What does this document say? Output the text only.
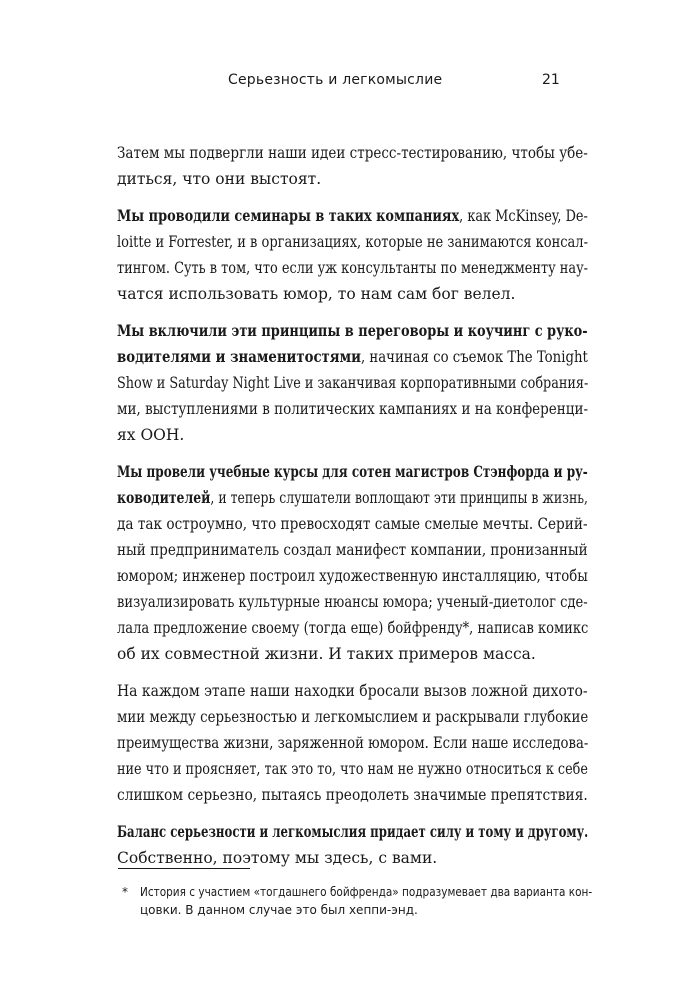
Серьезность и легкомыслие	21
Затем мы подвергли наши идеи стресс-тестированию, чтобы убе-
диться, что они выстоят.
Мы проводили семинары в таких компаниях, как McKinsey, De-
loitte и Forrester, и в организациях, которые не занимаются консал-
тингом. Суть в том, что если уж консультанты по менеджменту нау-
чатся использовать юмор, то нам сам бог велел.
Мы включили эти принципы в переговоры и коучинг с руко-
водителями и знаменитостями, начиная со съемок The Tonight
Show и Saturday Night Live и заканчивая корпоративными собрания-
ми, выступлениями в политических кампаниях и на конференци-
ях ООН.
Мы провели учебные курсы для сотен магистров Стэнфорда и ру-
ководителей, и теперь слушатели воплощают эти принципы в жизнь,
да так остроумно, что превосходят самые смелые мечты. Серий-
ный предприниматель создал манифест компании, пронизанный
юмором; инженер построил художественную инсталляцию, чтобы
визуализировать культурные нюансы юмора; ученый-диетолог сде-
лала предложение своему (тогда еще) бойфренду*, написав комикс
об их совместной жизни. И таких примеров масса.
На каждом этапе наши находки бросали вызов ложной дихото-
мии между серьезностью и легкомыслием и раскрывали глубокие
преимущества жизни, заряженной юмором. Если наше исследова-
ние что и проясняет, так это то, что нам не нужно относиться к себе
слишком серьезно, пытаясь преодолеть значимые препятствия.
Баланс серьезности и легкомыслия придает силу и тому и другому.
Собственно, поэтому мы здесь, с вами.
* История с участием «тогдашнего бойфренда» подразумевает два варианта кон-
цовки. В данном случае это был хеппи-энд.
